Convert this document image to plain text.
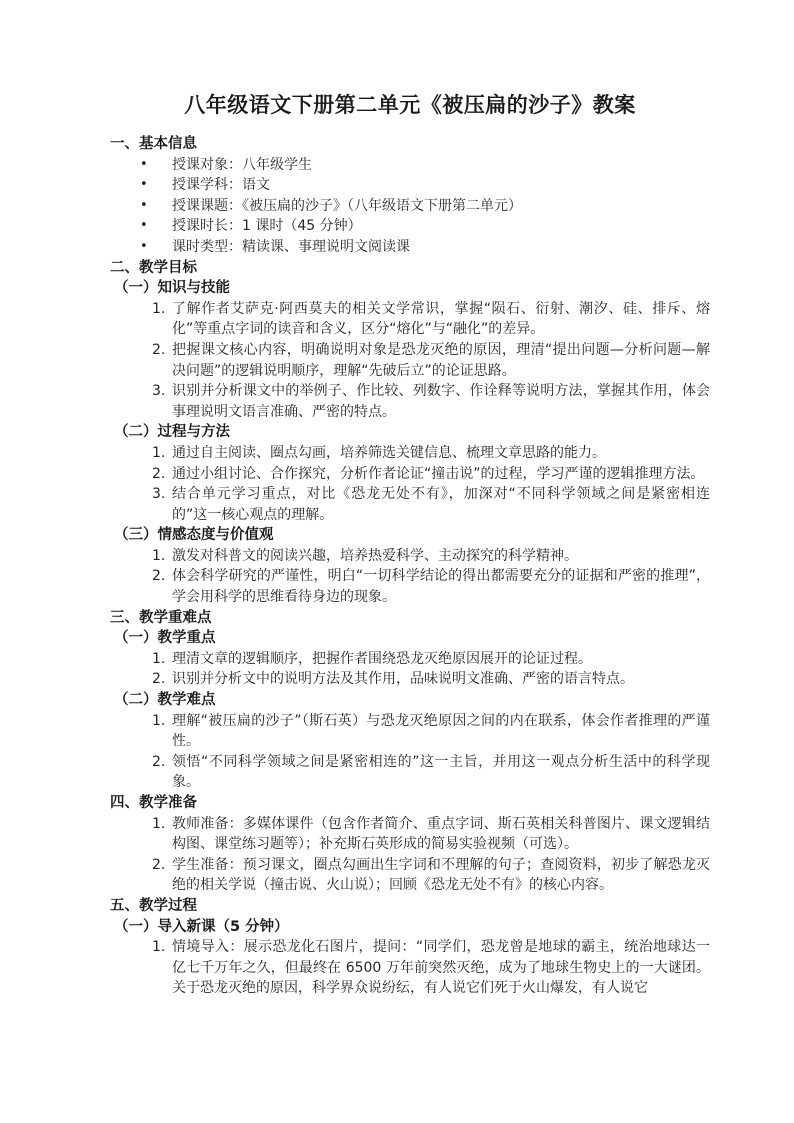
八年级语文下册第二单元《被压扁的沙子》教案
一、基本信息
•	授课对象：八年级学生
•	授课学科：语文
•	授课课题：《被压扁的沙子》（八年级语文下册第二单元）
•	授课时长：1 课时（45 分钟）
•	课时类型：精读课、事理说明文阅读课
二、教学目标
（一）知识与技能
1. 了解作者艾萨克·阿西莫夫的相关文学常识，掌握“陨石、衍射、潮汐、硅、排斥、熔化”等重点字词的读音和含义，区分“熔化”与“融化”的差异。
2. 把握课文核心内容，明确说明对象是恐龙灭绝的原因，理清“提出问题—分析问题—解决问题”的逻辑说明顺序，理解“先破后立”的论证思路。
3. 识别并分析课文中的举例子、作比较、列数字、作诠释等说明方法，掌握其作用，体会事理说明文语言准确、严密的特点。
（二）过程与方法
1. 通过自主阅读、圈点勾画，培养筛选关键信息、梳理文章思路的能力。
2. 通过小组讨论、合作探究，分析作者论证“撞击说”的过程，学习严谨的逻辑推理方法。
3. 结合单元学习重点，对比《恐龙无处不有》，加深对“不同科学领域之间是紧密相连的”这一核心观点的理解。
（三）情感态度与价值观
1. 激发对科普文的阅读兴趣，培养热爱科学、主动探究的科学精神。
2. 体会科学研究的严谨性，明白“一切科学结论的得出都需要充分的证据和严密的推理”，学会用科学的思维看待身边的现象。
三、教学重难点
（一）教学重点
1. 理清文章的逻辑顺序，把握作者围绕恐龙灭绝原因展开的论证过程。
2. 识别并分析文中的说明方法及其作用，品味说明文准确、严密的语言特点。
（二）教学难点
1. 理解“被压扁的沙子”（斯石英）与恐龙灭绝原因之间的内在联系，体会作者推理的严谨性。
2. 领悟“不同科学领域之间是紧密相连的”这一主旨，并用这一观点分析生活中的科学现象。
四、教学准备
1. 教师准备：多媒体课件（包含作者简介、重点字词、斯石英相关科普图片、课文逻辑结构图、课堂练习题等）；补充斯石英形成的简易实验视频（可选）。
2. 学生准备：预习课文，圈点勾画出生字词和不理解的句子；查阅资料，初步了解恐龙灭绝的相关学说（撞击说、火山说）；回顾《恐龙无处不有》的核心内容。
五、教学过程
（一）导入新课（5 分钟）
1. 情境导入：展示恐龙化石图片，提问：“同学们，恐龙曾是地球的霸主，统治地球达一亿七千万年之久，但最终在 6500 万年前突然灭绝，成为了地球生物史上的一大谜团。关于恐龙灭绝的原因，科学界众说纷纭，有人说它们死于火山爆发，有人说它
